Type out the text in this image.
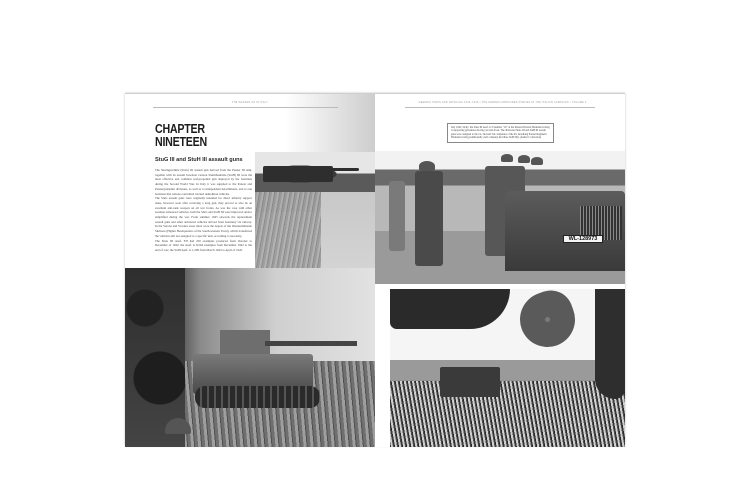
THE WAFFEN-SS IN ITALY
CHAPTER
NINETEEN
StuG III and StuH III assault guns

The Sturmgeschütz (StuG) III assault gun derived from the Panzer III tank, together with its assault howitzer version Sturmhaubitze (StuH) III were the most effective and common self-propelled gun deployed by the Germans during the Second World War. In Italy it was supplied to the Panzer and Panzergrenadier divisions, as well as to independent detachments, and to one battalion that remote-controlled tracked demolition vehicles.

The StuG assault guns were originally intended for direct infantry support tasks, however soon after receiving a long gun, they proved to also be an excellent anti-tank weapon on all war fronts. As was the case with other German armoured vehicles, both the StuG and StuH III were improved and/or simplified during the war. From summer 1943 onwards the replacement assault guns and other armoured vehicles arrived from Germany via railway. In the Verona and Vicenza areas there were the depots of the Oberkommando Südwest (Higher Headquarters of the South-western Front), which transferred the vehicles still not assigned to a specific unit, according to necessity.

The StuG III Ausf. F/8 had 250 examples produced from October to December of 1942; the Ausf. G 8,564 examples from December 1942 to the end of war; the StuH Ausf. G 1,299 from March 1943 to April of 1945.

GERMAN TANKS AND VEHICLES 1943–1945 • THE GERMAN ARMOURED FORCES IN THE ITALIAN CAMPAIGN • VOLUME 2
July 1943, Sicily: the StuG III Ausf. G N number "16" of the Panzer Division Hermann Göring is supporting grenadiers moving out and about. The divisional StuG III and StuH III assault guns were assigned to the 1st, 2nd and 3rd companies of the Pz. Abteilung Panzer Regiment Hermann Göring (additionally each company had three StuH III). (Author's collection)
WL-128973
